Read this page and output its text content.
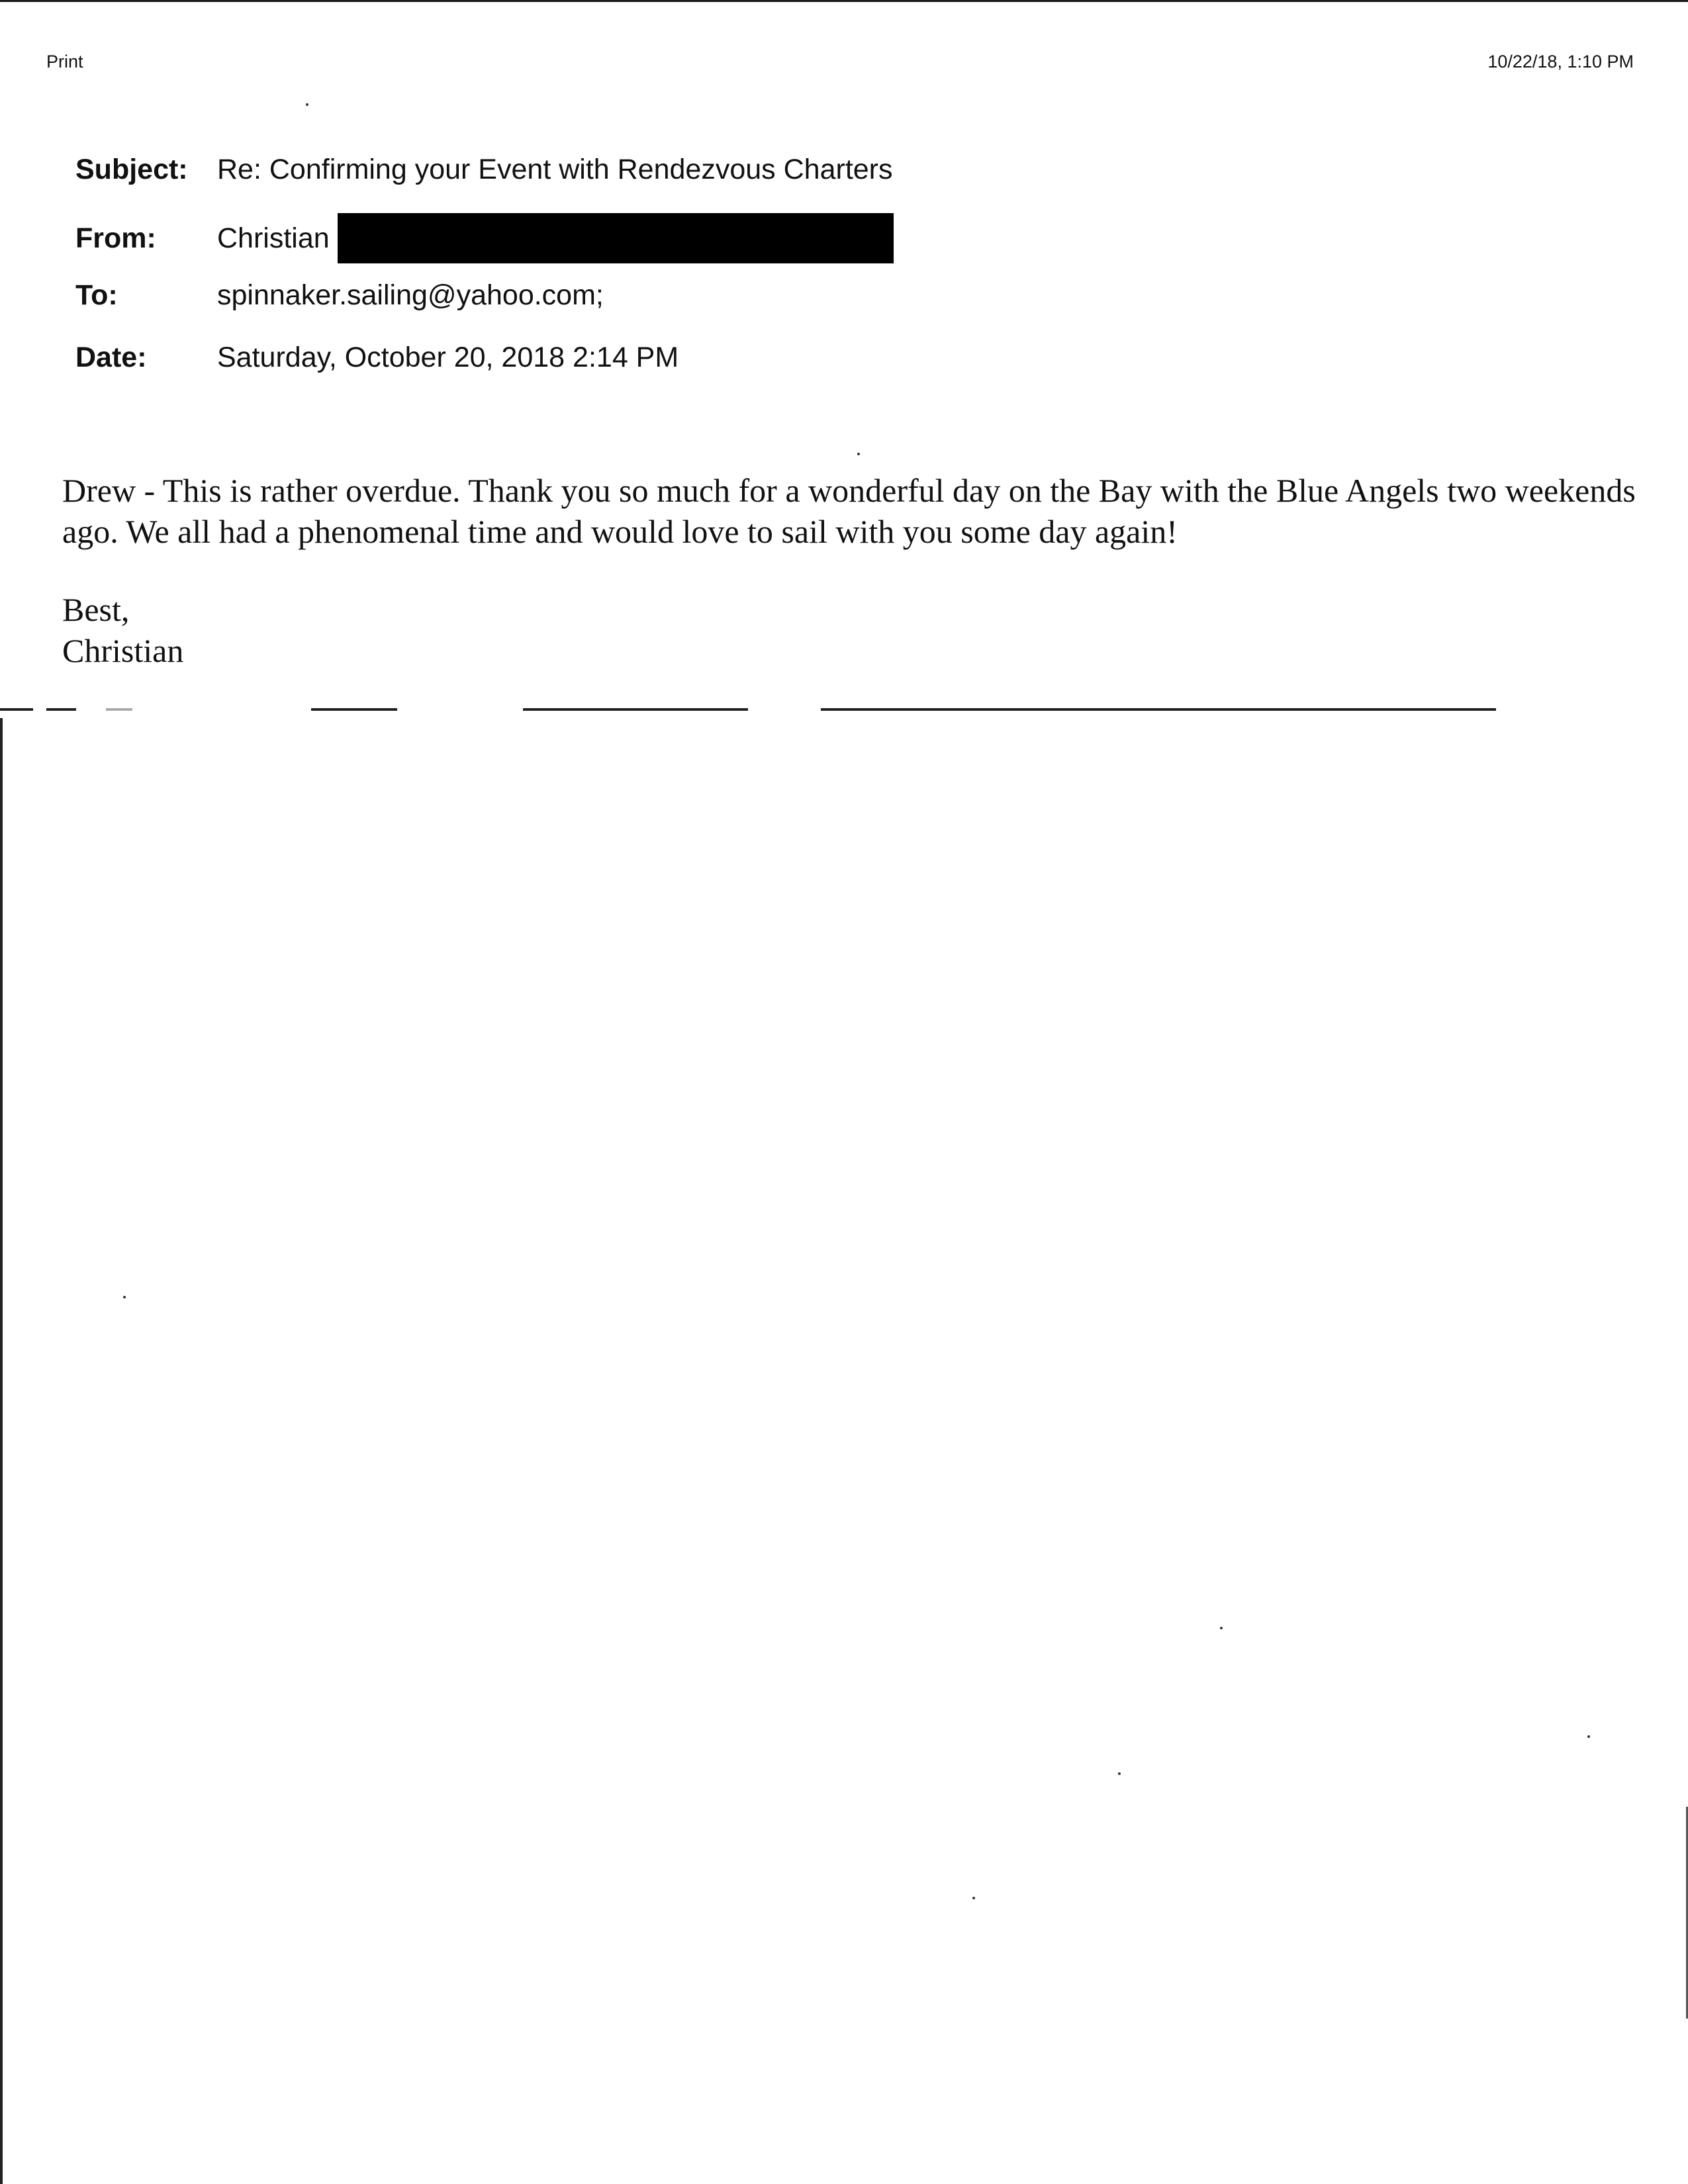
Print	10/22/18, 1:10 PM
Subject:	Re: Confirming your Event with Rendezvous Charters
From:	Christian
To:	spinnaker.sailing@yahoo.com;
Date:	Saturday, October 20, 2018 2:14 PM

Drew - This is rather overdue. Thank you so much for a wonderful day on the Bay with the Blue Angels two weekends ago. We all had a phenomenal time and would love to sail with you some day again!

Best,
Christian
